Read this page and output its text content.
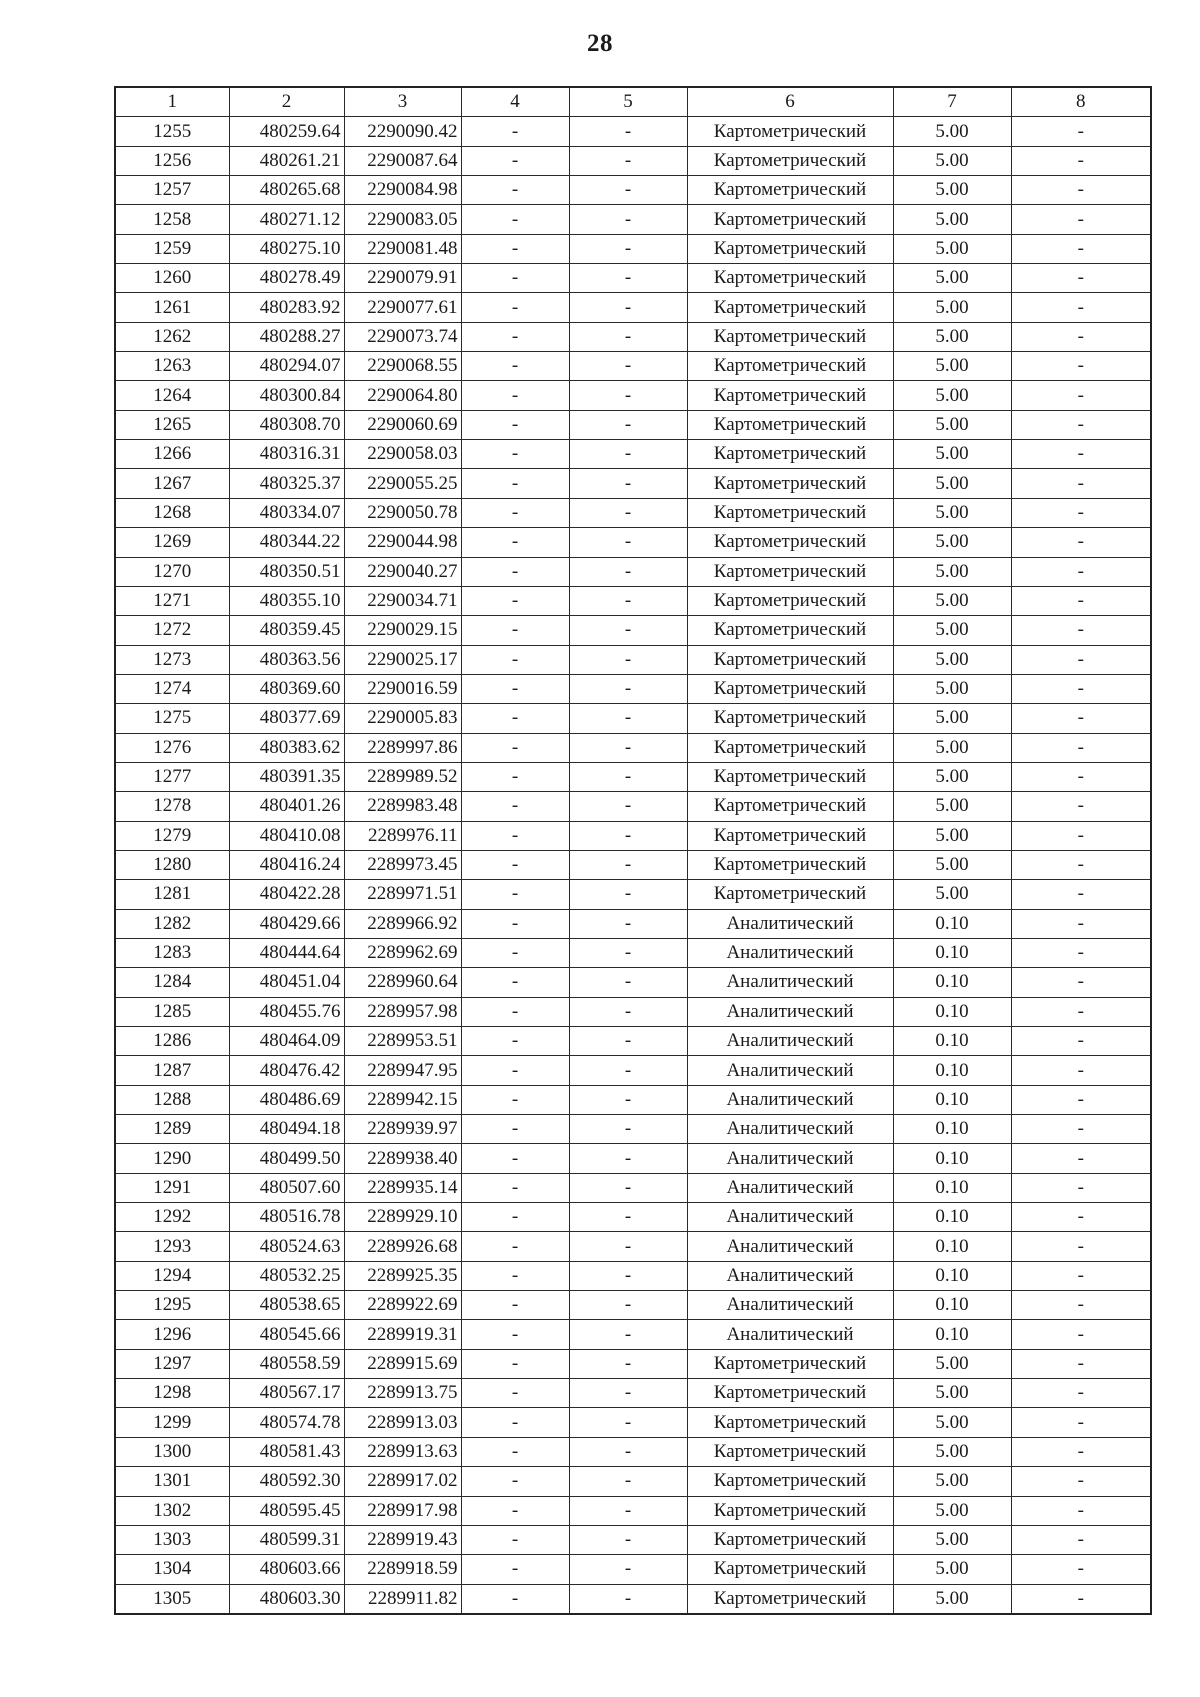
28
1	2	3	4	5	6	7	8
1255	480259.64	2290090.42	-	-	Картометрический	5.00	-
1256	480261.21	2290087.64	-	-	Картометрический	5.00	-
1257	480265.68	2290084.98	-	-	Картометрический	5.00	-
1258	480271.12	2290083.05	-	-	Картометрический	5.00	-
1259	480275.10	2290081.48	-	-	Картометрический	5.00	-
1260	480278.49	2290079.91	-	-	Картометрический	5.00	-
1261	480283.92	2290077.61	-	-	Картометрический	5.00	-
1262	480288.27	2290073.74	-	-	Картометрический	5.00	-
1263	480294.07	2290068.55	-	-	Картометрический	5.00	-
1264	480300.84	2290064.80	-	-	Картометрический	5.00	-
1265	480308.70	2290060.69	-	-	Картометрический	5.00	-
1266	480316.31	2290058.03	-	-	Картометрический	5.00	-
1267	480325.37	2290055.25	-	-	Картометрический	5.00	-
1268	480334.07	2290050.78	-	-	Картометрический	5.00	-
1269	480344.22	2290044.98	-	-	Картометрический	5.00	-
1270	480350.51	2290040.27	-	-	Картометрический	5.00	-
1271	480355.10	2290034.71	-	-	Картометрический	5.00	-
1272	480359.45	2290029.15	-	-	Картометрический	5.00	-
1273	480363.56	2290025.17	-	-	Картометрический	5.00	-
1274	480369.60	2290016.59	-	-	Картометрический	5.00	-
1275	480377.69	2290005.83	-	-	Картометрический	5.00	-
1276	480383.62	2289997.86	-	-	Картометрический	5.00	-
1277	480391.35	2289989.52	-	-	Картометрический	5.00	-
1278	480401.26	2289983.48	-	-	Картометрический	5.00	-
1279	480410.08	2289976.11	-	-	Картометрический	5.00	-
1280	480416.24	2289973.45	-	-	Картометрический	5.00	-
1281	480422.28	2289971.51	-	-	Картометрический	5.00	-
1282	480429.66	2289966.92	-	-	Аналитический	0.10	-
1283	480444.64	2289962.69	-	-	Аналитический	0.10	-
1284	480451.04	2289960.64	-	-	Аналитический	0.10	-
1285	480455.76	2289957.98	-	-	Аналитический	0.10	-
1286	480464.09	2289953.51	-	-	Аналитический	0.10	-
1287	480476.42	2289947.95	-	-	Аналитический	0.10	-
1288	480486.69	2289942.15	-	-	Аналитический	0.10	-
1289	480494.18	2289939.97	-	-	Аналитический	0.10	-
1290	480499.50	2289938.40	-	-	Аналитический	0.10	-
1291	480507.60	2289935.14	-	-	Аналитический	0.10	-
1292	480516.78	2289929.10	-	-	Аналитический	0.10	-
1293	480524.63	2289926.68	-	-	Аналитический	0.10	-
1294	480532.25	2289925.35	-	-	Аналитический	0.10	-
1295	480538.65	2289922.69	-	-	Аналитический	0.10	-
1296	480545.66	2289919.31	-	-	Аналитический	0.10	-
1297	480558.59	2289915.69	-	-	Картометрический	5.00	-
1298	480567.17	2289913.75	-	-	Картометрический	5.00	-
1299	480574.78	2289913.03	-	-	Картометрический	5.00	-
1300	480581.43	2289913.63	-	-	Картометрический	5.00	-
1301	480592.30	2289917.02	-	-	Картометрический	5.00	-
1302	480595.45	2289917.98	-	-	Картометрический	5.00	-
1303	480599.31	2289919.43	-	-	Картометрический	5.00	-
1304	480603.66	2289918.59	-	-	Картометрический	5.00	-
1305	480603.30	2289911.82	-	-	Картометрический	5.00	-
